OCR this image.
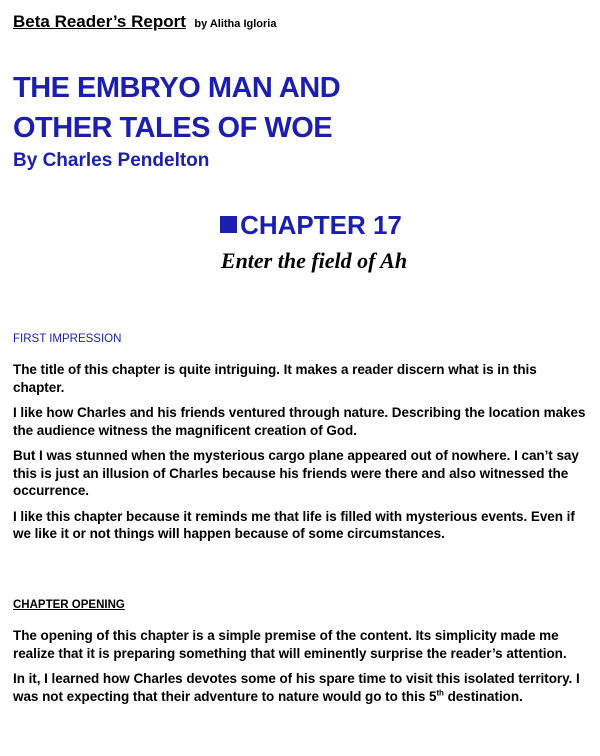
Beta Reader’s Report by Alitha Igloria
THE EMBRYO MAN AND
OTHER TALES OF WOE
By Charles Pendelton
CHAPTER 17
Enter the field of Ah
FIRST IMPRESSION

The title of this chapter is quite intriguing. It makes a reader discern what is in this chapter.

I like how Charles and his friends ventured through nature. Describing the location makes the audience witness the magnificent creation of God.

But I was stunned when the mysterious cargo plane appeared out of nowhere. I can’t say this is just an illusion of Charles because his friends were there and also witnessed the occurrence.

I like this chapter because it reminds me that life is filled with mysterious events. Even if we like it or not things will happen because of some circumstances.

CHAPTER OPENING

The opening of this chapter is a simple premise of the content. Its simplicity made me realize that it is preparing something that will eminently surprise the reader’s attention.

In it, I learned how Charles devotes some of his spare time to visit this isolated territory. I was not expecting that their adventure to nature would go to this 5th destination.
